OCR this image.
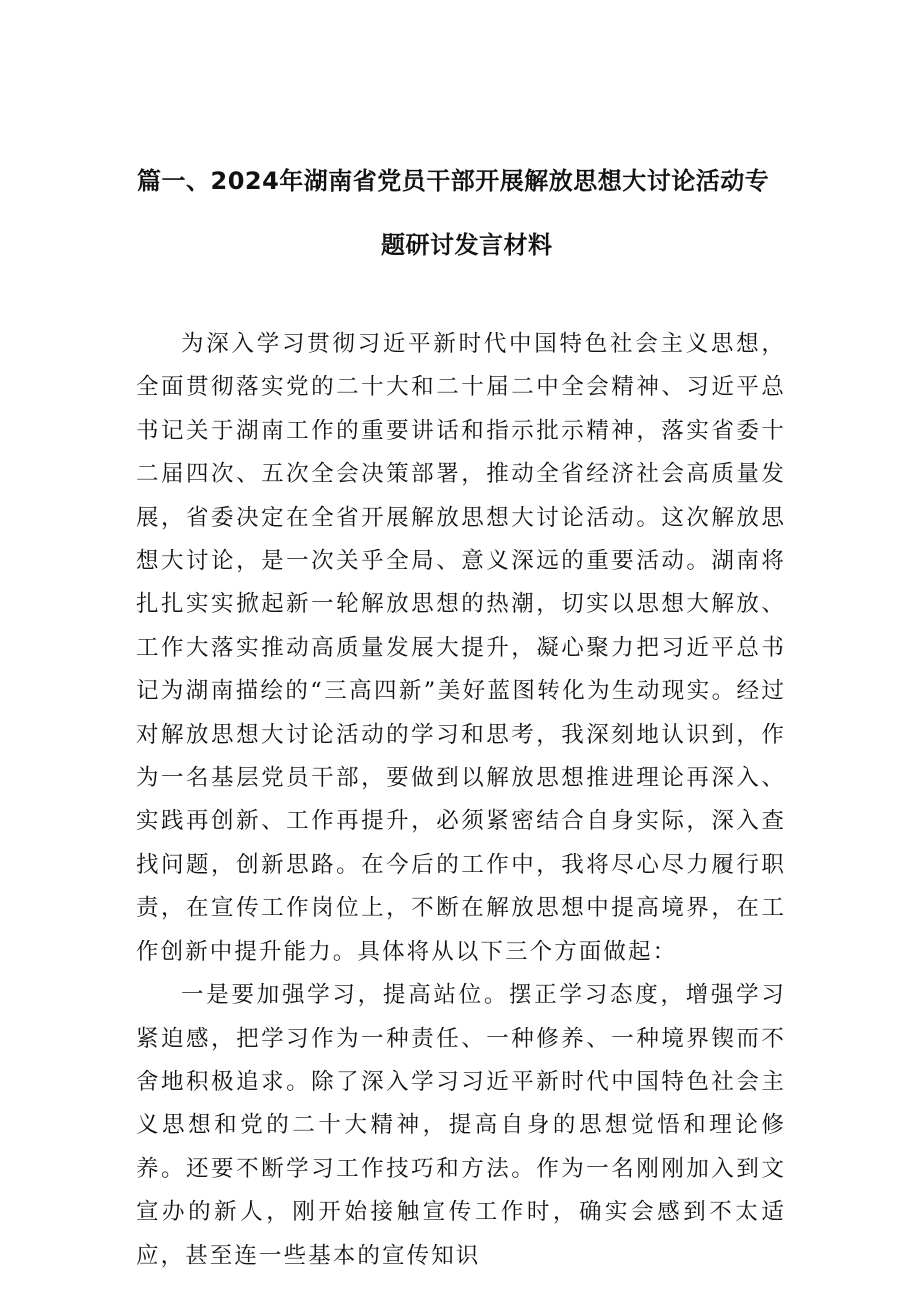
篇一、2024年湖南省党员干部开展解放思想大讨论活动专
题研讨发言材料

为深入学习贯彻习近平新时代中国特色社会主义思想，全面贯彻落实党的二十大和二十届二中全会精神、习近平总书记关于湖南工作的重要讲话和指示批示精神，落实省委十二届四次、五次全会决策部署，推动全省经济社会高质量发展，省委决定在全省开展解放思想大讨论活动。这次解放思想大讨论，是一次关乎全局、意义深远的重要活动。湖南将扎扎实实掀起新一轮解放思想的热潮，切实以思想大解放、工作大落实推动高质量发展大提升，凝心聚力把习近平总书记为湖南描绘的“三高四新”美好蓝图转化为生动现实。经过对解放思想大讨论活动的学习和思考，我深刻地认识到，作为一名基层党员干部，要做到以解放思想推进理论再深入、实践再创新、工作再提升，必须紧密结合自身实际，深入查找问题，创新思路。在今后的工作中，我将尽心尽力履行职责，在宣传工作岗位上，不断在解放思想中提高境界，在工作创新中提升能力。具体将从以下三个方面做起：

一是要加强学习，提高站位。摆正学习态度，增强学习紧迫感，把学习作为一种责任、一种修养、一种境界锲而不舍地积极追求。除了深入学习习近平新时代中国特色社会主义思想和党的二十大精神，提高自身的思想觉悟和理论修养。还要不断学习工作技巧和方法。作为一名刚刚加入到文宣办的新人，刚开始接触宣传工作时，确实会感到不太适应，甚至连一些基本的宣传知识
